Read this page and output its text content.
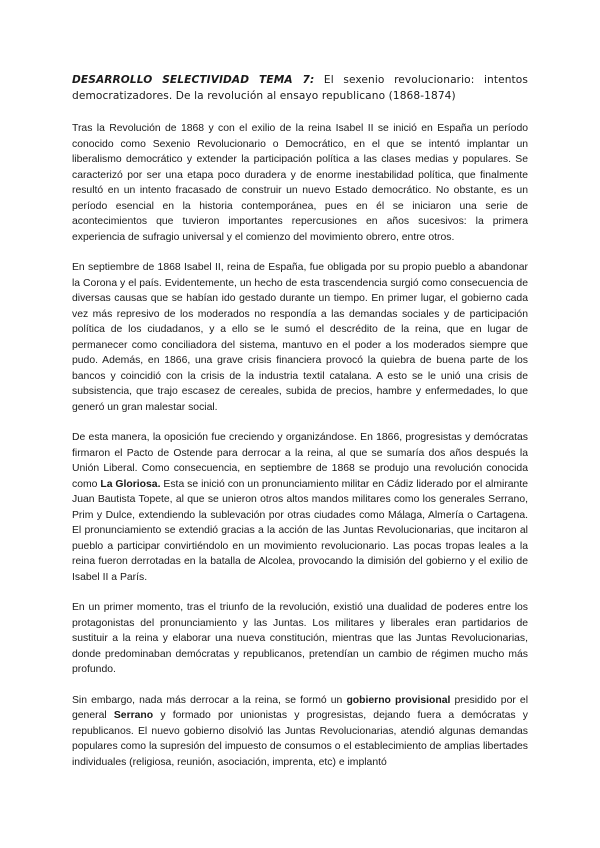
DESARROLLO SELECTIVIDAD TEMA 7: El sexenio revolucionario: intentos democratizadores. De la revolución al ensayo republicano (1868-1874)

Tras la Revolución de 1868 y con el exilio de la reina Isabel II se inició en España un período conocido como Sexenio Revolucionario o Democrático, en el que se intentó implantar un liberalismo democrático y extender la participación política a las clases medias y populares. Se caracterizó por ser una etapa poco duradera y de enorme inestabilidad política, que finalmente resultó en un intento fracasado de construir un nuevo Estado democrático. No obstante, es un período esencial en la historia contemporánea, pues en él se iniciaron una serie de acontecimientos que tuvieron importantes repercusiones en años sucesivos: la primera experiencia de sufragio universal y el comienzo del movimiento obrero, entre otros.

En septiembre de 1868 Isabel II, reina de España, fue obligada por su propio pueblo a abandonar la Corona y el país. Evidentemente, un hecho de esta trascendencia surgió como consecuencia de diversas causas que se habían ido gestado durante un tiempo. En primer lugar, el gobierno cada vez más represivo de los moderados no respondía a las demandas sociales y de participación política de los ciudadanos, y a ello se le sumó el descrédito de la reina, que en lugar de permanecer como conciliadora del sistema, mantuvo en el poder a los moderados siempre que pudo. Además, en 1866, una grave crisis financiera provocó la quiebra de buena parte de los bancos y coincidió con la crisis de la industria textil catalana. A esto se le unió una crisis de subsistencia, que trajo escasez de cereales, subida de precios, hambre y enfermedades, lo que generó un gran malestar social.

De esta manera, la oposición fue creciendo y organizándose. En 1866, progresistas y demócratas firmaron el Pacto de Ostende para derrocar a la reina, al que se sumaría dos años después la Unión Liberal. Como consecuencia, en septiembre de 1868 se produjo una revolución conocida como La Gloriosa. Esta se inició con un pronunciamiento militar en Cádiz liderado por el almirante Juan Bautista Topete, al que se unieron otros altos mandos militares como los generales Serrano, Prim y Dulce, extendiendo la sublevación por otras ciudades como Málaga, Almería o Cartagena. El pronunciamiento se extendió gracias a la acción de las Juntas Revolucionarias, que incitaron al pueblo a participar convirtiéndolo en un movimiento revolucionario. Las pocas tropas leales a la reina fueron derrotadas en la batalla de Alcolea, provocando la dimisión del gobierno y el exilio de Isabel II a París.

En un primer momento, tras el triunfo de la revolución, existió una dualidad de poderes entre los protagonistas del pronunciamiento y las Juntas. Los militares y liberales eran partidarios de sustituir a la reina y elaborar una nueva constitución, mientras que las Juntas Revolucionarias, donde predominaban demócratas y republicanos, pretendían un cambio de régimen mucho más profundo.

Sin embargo, nada más derrocar a la reina, se formó un gobierno provisional presidido por el general Serrano y formado por unionistas y progresistas, dejando fuera a demócratas y republicanos. El nuevo gobierno disolvió las Juntas Revolucionarias, atendió algunas demandas populares como la supresión del impuesto de consumos o el establecimiento de amplias libertades individuales (religiosa, reunión, asociación, imprenta, etc) e implantó
